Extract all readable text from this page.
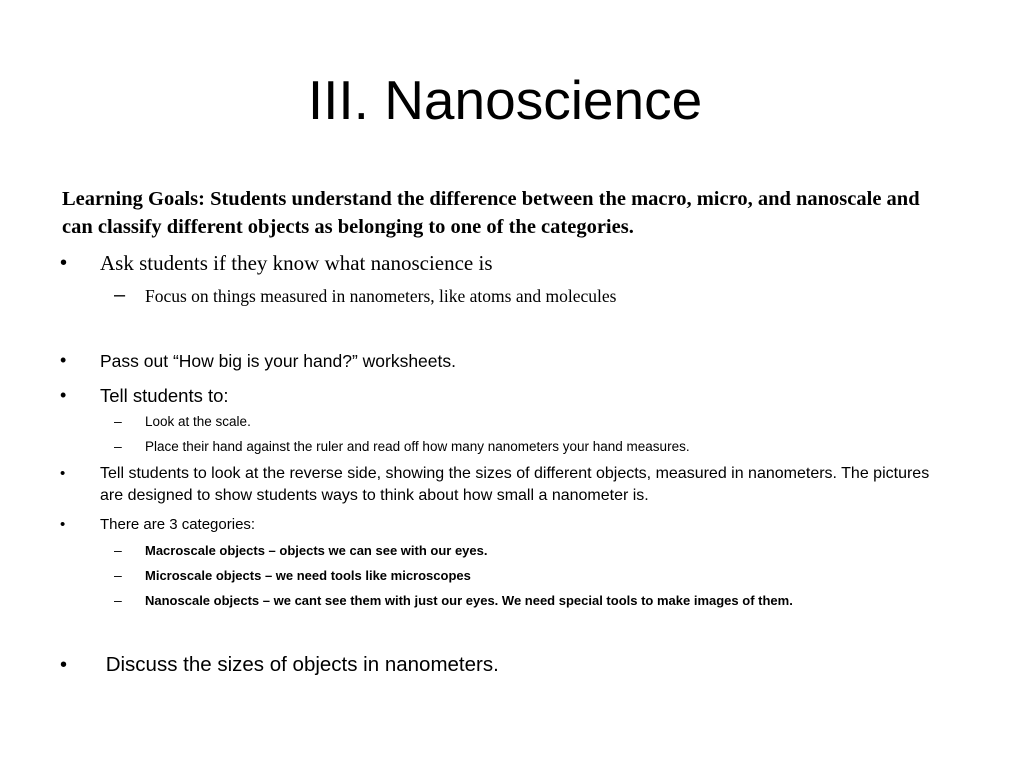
III. Nanoscience
Learning Goals: Students understand the difference between the macro, micro, and nanoscale and can classify different objects as belonging to one of the categories.
• Ask students if they know what nanoscience is
– Focus on things measured in nanometers, like atoms and molecules
• Pass out “How big is your hand?” worksheets.
• Tell students to:
– Look at the scale.
– Place their hand against the ruler and read off how many nanometers your hand measures.
• Tell students to look at the reverse side, showing the sizes of different objects, measured in nanometers. The pictures are designed to show students ways to think about how small a nanometer is.
• There are 3 categories:
– Macroscale objects – objects we can see with our eyes.
– Microscale objects – we need tools like microscopes
– Nanoscale objects – we cant see them with just our eyes. We need special tools to make images of them.
• Discuss the sizes of objects in nanometers.
